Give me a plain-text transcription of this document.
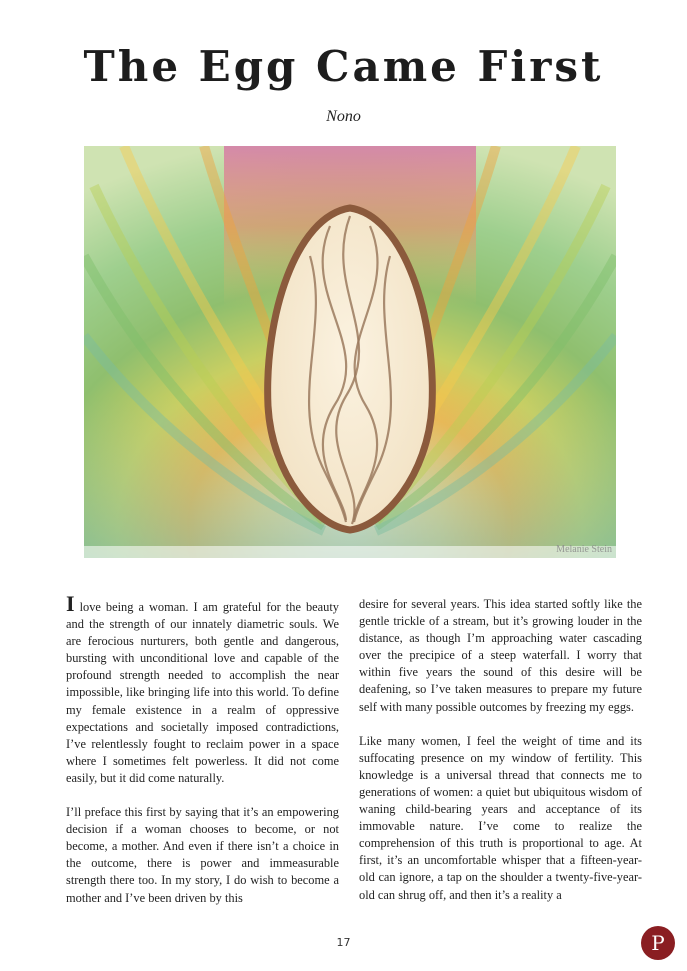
The Egg Came First
Nono
Melanie Stein

I love being a woman. I am grateful for the beauty and the strength of our innately diametric souls. We are ferocious nurturers, both gentle and dangerous, bursting with unconditional love and capable of the profound strength needed to accomplish the near impossible, like bringing life into this world. To define my female existence in a realm of oppressive expectations and societally imposed contradictions, I’ve relentlessly fought to reclaim power in a space where I sometimes felt powerless. It did not come easily, but it did come naturally.

I’ll preface this first by saying that it’s an empowering decision if a woman chooses to become, or not become, a mother. And even if there isn’t a choice in the outcome, there is power and immeasurable strength there too. In my story, I do wish to become a mother and I’ve been driven by this

desire for several years. This idea started softly like the gentle trickle of a stream, but it’s growing louder in the distance, as though I’m approaching water cascading over the precipice of a steep waterfall. I worry that within five years the sound of this desire will be deafening, so I’ve taken measures to prepare my future self with many possible outcomes by freezing my eggs.

Like many women, I feel the weight of time and its suffocating presence on my window of fertility. This knowledge is a universal thread that connects me to generations of women: a quiet but ubiquitous wisdom of waning child-bearing years and acceptance of its immovable nature. I’ve come to realize the comprehension of this truth is proportional to age. At first, it’s an uncomfortable whisper that a fifteen-year-old can ignore, a tap on the shoulder a twenty-five-year-old can shrug off, and then it’s a reality a

17	P
